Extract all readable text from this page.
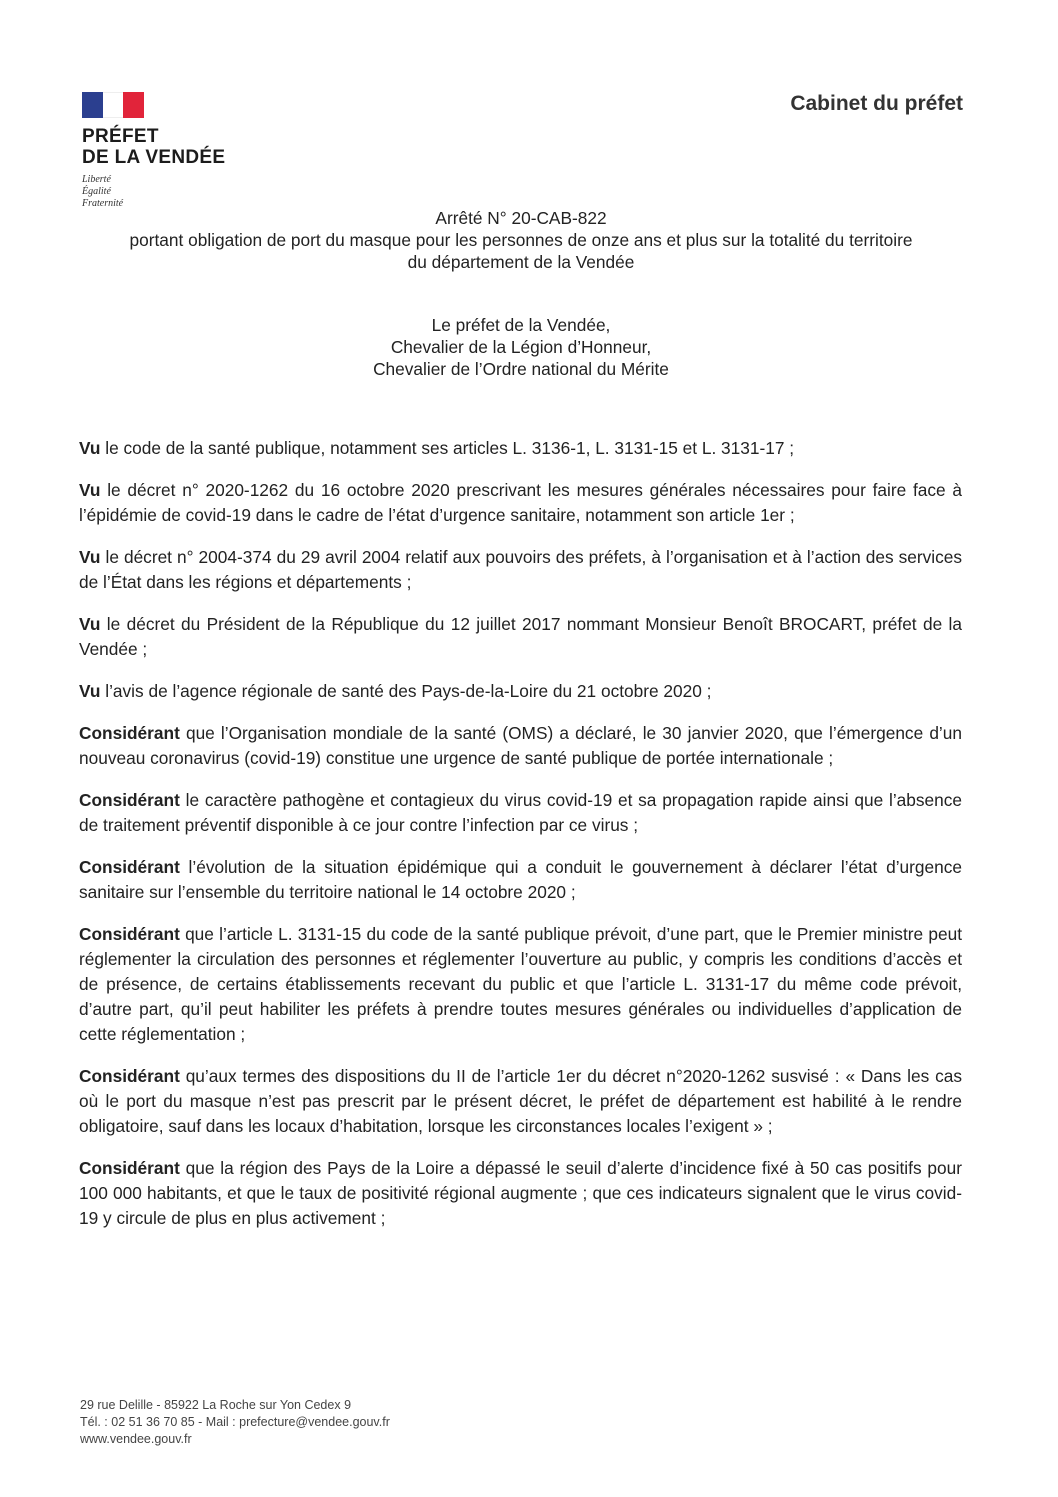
PRÉFET
DE LA VENDÉE
Liberté
Égalité
Fraternité
Cabinet du préfet
Arrêté N° 20-CAB-822
portant obligation de port du masque pour les personnes de onze ans et plus sur la totalité du territoire
du département de la Vendée
Le préfet de la Vendée,
Chevalier de la Légion d’Honneur,
Chevalier de l’Ordre national du Mérite

Vu le code de la santé publique, notamment ses articles L. 3136-1, L. 3131-15 et L. 3131-17 ;

Vu le décret n° 2020-1262 du 16 octobre 2020 prescrivant les mesures générales nécessaires pour faire face à l’épidémie de covid-19 dans le cadre de l’état d’urgence sanitaire, notamment son article 1er ;

Vu le décret n° 2004-374 du 29 avril 2004 relatif aux pouvoirs des préfets, à l’organisation et à l’action des services de l’État dans les régions et départements ;

Vu le décret du Président de la République du 12 juillet 2017 nommant Monsieur Benoît BROCART, préfet de la Vendée ;

Vu l’avis de l’agence régionale de santé des Pays-de-la-Loire du 21 octobre 2020 ;

Considérant que l’Organisation mondiale de la santé (OMS) a déclaré, le 30 janvier 2020, que l’émergence d’un nouveau coronavirus (covid-19) constitue une urgence de santé publique de portée internationale ;

Considérant le caractère pathogène et contagieux du virus covid-19 et sa propagation rapide ainsi que l’absence de traitement préventif disponible à ce jour contre l’infection par ce virus ;

Considérant l’évolution de la situation épidémique qui a conduit le gouvernement à déclarer l’état d’urgence sanitaire sur l’ensemble du territoire national le 14 octobre 2020 ;

Considérant que l’article L. 3131-15 du code de la santé publique prévoit, d’une part, que le Premier ministre peut réglementer la circulation des personnes et réglementer l’ouverture au public, y compris les conditions d’accès et de présence, de certains établissements recevant du public et que l’article L. 3131-17 du même code prévoit, d’autre part, qu’il peut habiliter les préfets à prendre toutes mesures générales ou individuelles d’application de cette réglementation ;

Considérant qu’aux termes des dispositions du II de l’article 1er du décret n°2020-1262 susvisé : « Dans les cas où le port du masque n’est pas prescrit par le présent décret, le préfet de département est habilité à le rendre obligatoire, sauf dans les locaux d’habitation, lorsque les circonstances locales l’exigent » ;

Considérant que la région des Pays de la Loire a dépassé le seuil d’alerte d’incidence fixé à 50 cas positifs pour 100 000 habitants, et que le taux de positivité régional augmente ; que ces indicateurs signalent que le virus covid-19 y circule de plus en plus activement ;

29 rue Delille - 85922 La Roche sur Yon Cedex 9
Tél. : 02 51 36 70 85 - Mail : prefecture@vendee.gouv.fr
www.vendee.gouv.fr
